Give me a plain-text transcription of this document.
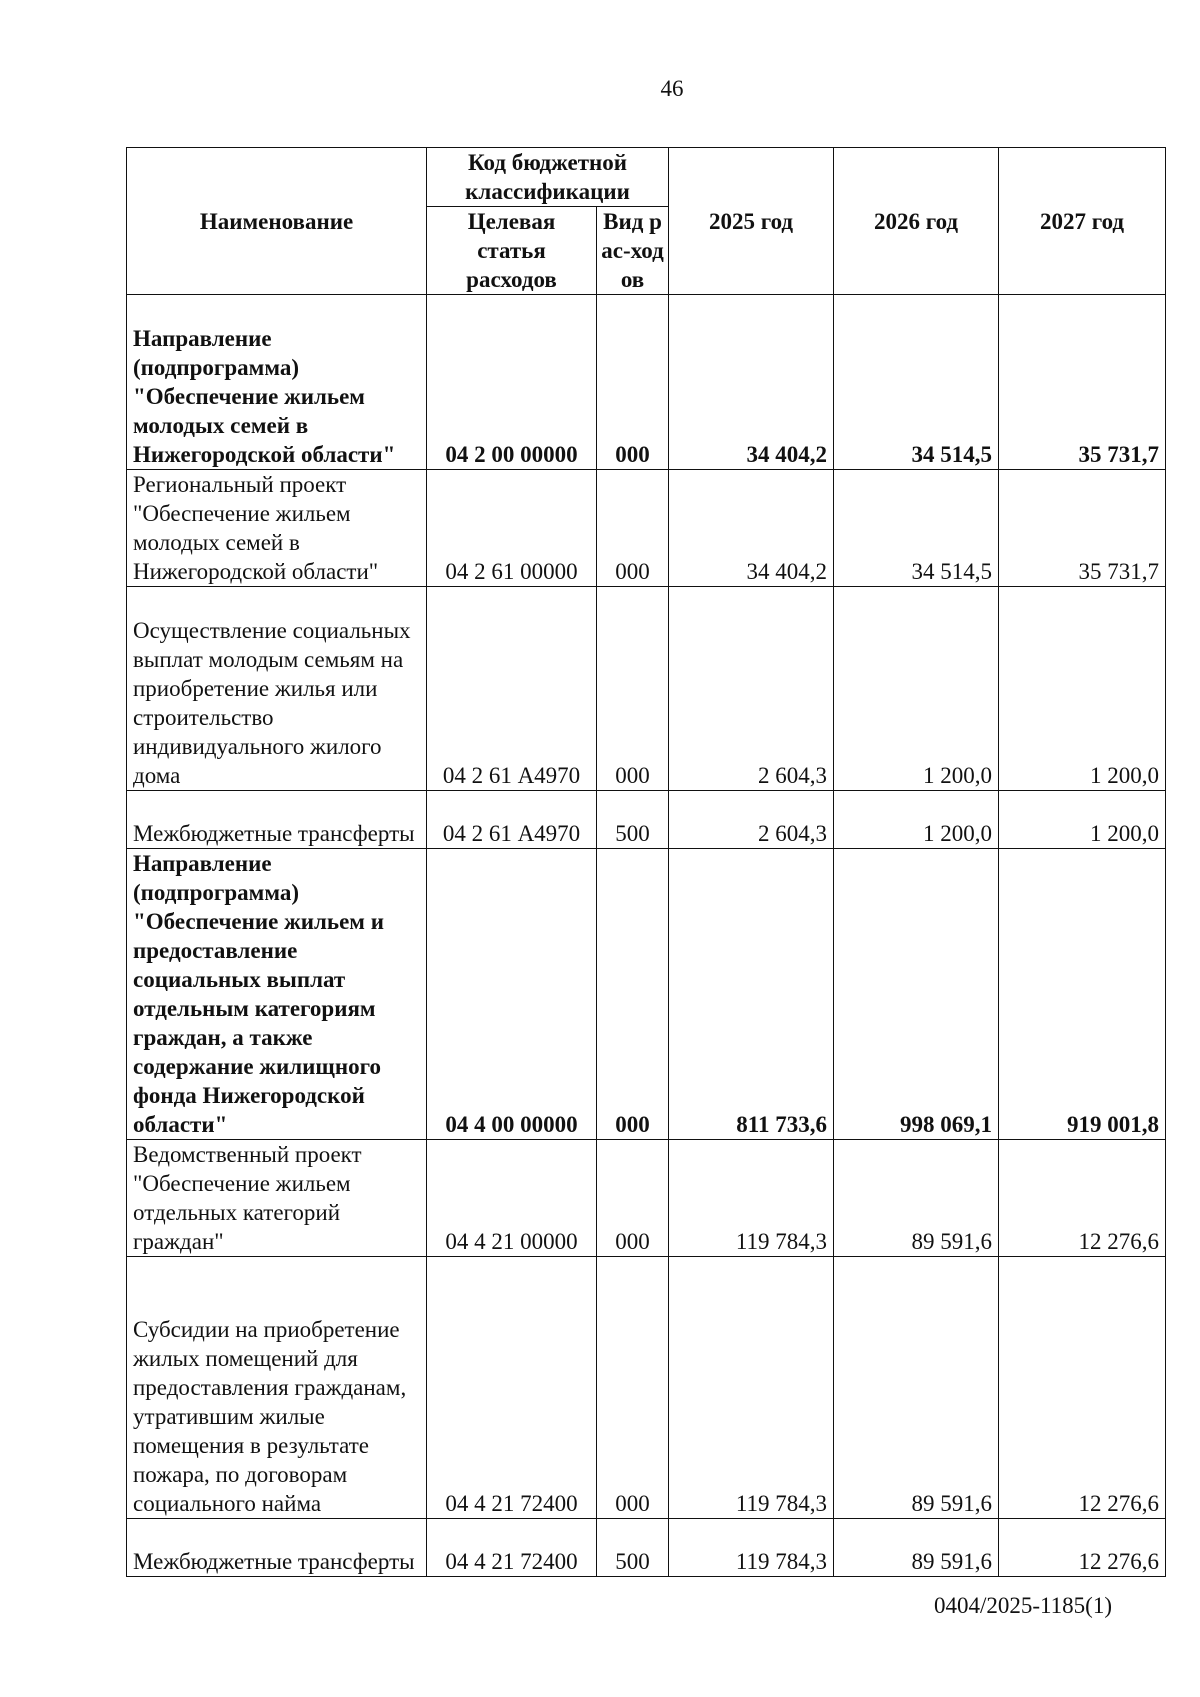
46
Наименование	Код бюджетной классификации		2025 год	2026 год	2027 год
	Целевая статья расходов	Вид рас-ходов			
Направление (подпрограмма) "Обеспечение жильем молодых семей в Нижегородской области"	04 2 00 00000	000	34 404,2	34 514,5	35 731,7
Региональный проект "Обеспечение жильем молодых семей в Нижегородской области"	04 2 61 00000	000	34 404,2	34 514,5	35 731,7
Осуществление социальных выплат молодым семьям на приобретение жилья или строительство индивидуального жилого дома	04 2 61 А4970	000	2 604,3	1 200,0	1 200,0
Межбюджетные трансферты	04 2 61 А4970	500	2 604,3	1 200,0	1 200,0
Направление (подпрограмма) "Обеспечение жильем и предоставление социальных выплат отдельным категориям граждан, а также содержание жилищного фонда Нижегородской области"	04 4 00 00000	000	811 733,6	998 069,1	919 001,8
Ведомственный проект "Обеспечение жильем отдельных категорий граждан"	04 4 21 00000	000	119 784,3	89 591,6	12 276,6
Субсидии на приобретение жилых помещений для предоставления гражданам, утратившим жилые помещения в результате пожара, по договорам социального найма	04 4 21 72400	000	119 784,3	89 591,6	12 276,6
Межбюджетные трансферты	04 4 21 72400	500	119 784,3	89 591,6	12 276,6
0404/2025-1185(1)
